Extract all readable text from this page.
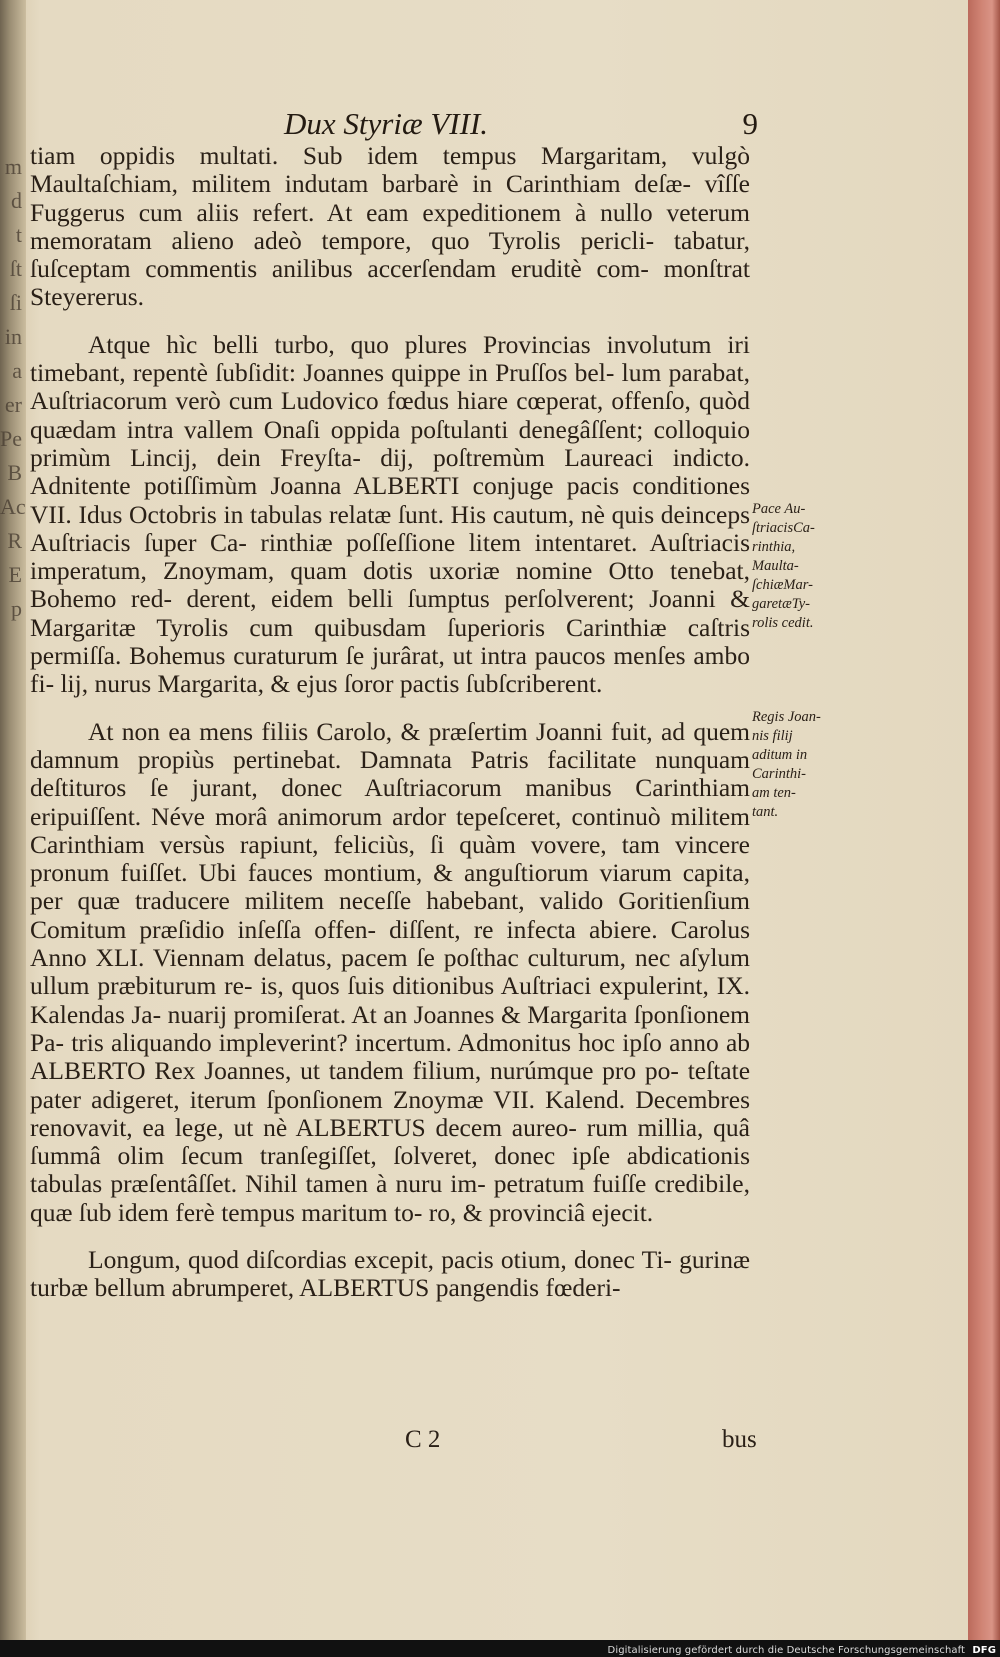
m
d
t
ſt
ſi
in
a
er
Pe
B
Ac
R
E
p
Dux Styriæ VIII.	9

tiam oppidis multati. Sub idem tempus Margaritam, vulgò Maultaſchiam, militem indutam barbarè in Carinthiam deſæ- vîſſe Fuggerus cum aliis refert. At eam expeditionem à nullo veterum memoratam alieno adeò tempore, quo Tyrolis pericli- tabatur, ſuſceptam commentis anilibus accerſendam eruditè com- monſtrat Steyererus.

Atque hìc belli turbo, quo plures Provincias involutum iri timebant, repentè ſubſidit: Joannes quippe in Pruſſos bel- lum parabat, Auſtriacorum verò cum Ludovico fœdus hiare cœperat, offenſo, quòd quædam intra vallem Onaſi oppida poſtulanti denegâſſent; colloquio primùm Lincij, dein Freyſta- dij, poſtremùm Laureaci indicto. Adnitente potiſſimùm Joanna ALBERTI conjuge pacis conditiones VII. Idus Octobris in tabulas relatæ ſunt. His cautum, nè quis deinceps Auſtriacis ſuper Ca- rinthiæ poſſeſſione litem intentaret. Auſtriacis imperatum, Znoymam, quam dotis uxoriæ nomine Otto tenebat, Bohemo red- derent, eidem belli ſumptus perſolverent; Joanni & Margaritæ Tyrolis cum quibusdam ſuperioris Carinthiæ caſtris permiſſa. Bohemus curaturum ſe jurârat, ut intra paucos menſes ambo fi- lij, nurus Margarita, & ejus ſoror pactis ſubſcriberent.

At non ea mens filiis Carolo, & præſertim Joanni fuit, ad quem damnum propiùs pertinebat. Damnata Patris facilitate nunquam deſtituros ſe jurant, donec Auſtriacorum manibus Carinthiam eripuiſſent. Néve morâ animorum ardor tepeſceret, continuò militem Carinthiam versùs rapiunt, feliciùs, ſi quàm vovere, tam vincere pronum fuiſſet. Ubi fauces montium, & anguſtiorum viarum capita, per quæ traducere militem neceſſe habebant, valido Goritienſium Comitum præſidio inſeſſa offen- diſſent, re infecta abiere. Carolus Anno XLI. Viennam delatus, pacem ſe poſthac culturum, nec aſylum ullum præbiturum re- is, quos ſuis ditionibus Auſtriaci expulerint, IX. Kalendas Ja- nuarij promiſerat. At an Joannes & Margarita ſponſionem Pa- tris aliquando impleverint? incertum. Admonitus hoc ipſo anno ab ALBERTO Rex Joannes, ut tandem filium, nurúmque pro po- teſtate pater adigeret, iterum ſponſionem Znoymæ VII. Kalend. Decembres renovavit, ea lege, ut nè ALBERTUS decem aureo- rum millia, quâ ſummâ olim ſecum tranſegiſſet, ſolveret, donec ipſe abdicationis tabulas præſentâſſet. Nihil tamen à nuru im- petratum fuiſſe credibile, quæ ſub idem ferè tempus maritum to- ro, & provinciâ ejecit.

Longum, quod diſcordias excepit, pacis otium, donec Ti- gurinæ turbæ bellum abrumperet, ALBERTUS pangendis fœderi-

Pace Au-
ſtriacisCa-
rinthia,
Maulta-
ſchiæMar-
garetæTy-
rolis cedit.
Regis Joan-
nis filij
aditum in
Carinthi-
am ten-
tant.
C 2	bus
Digitalisierung gefördert durch die Deutsche Forschungsgemeinschaft DFG
